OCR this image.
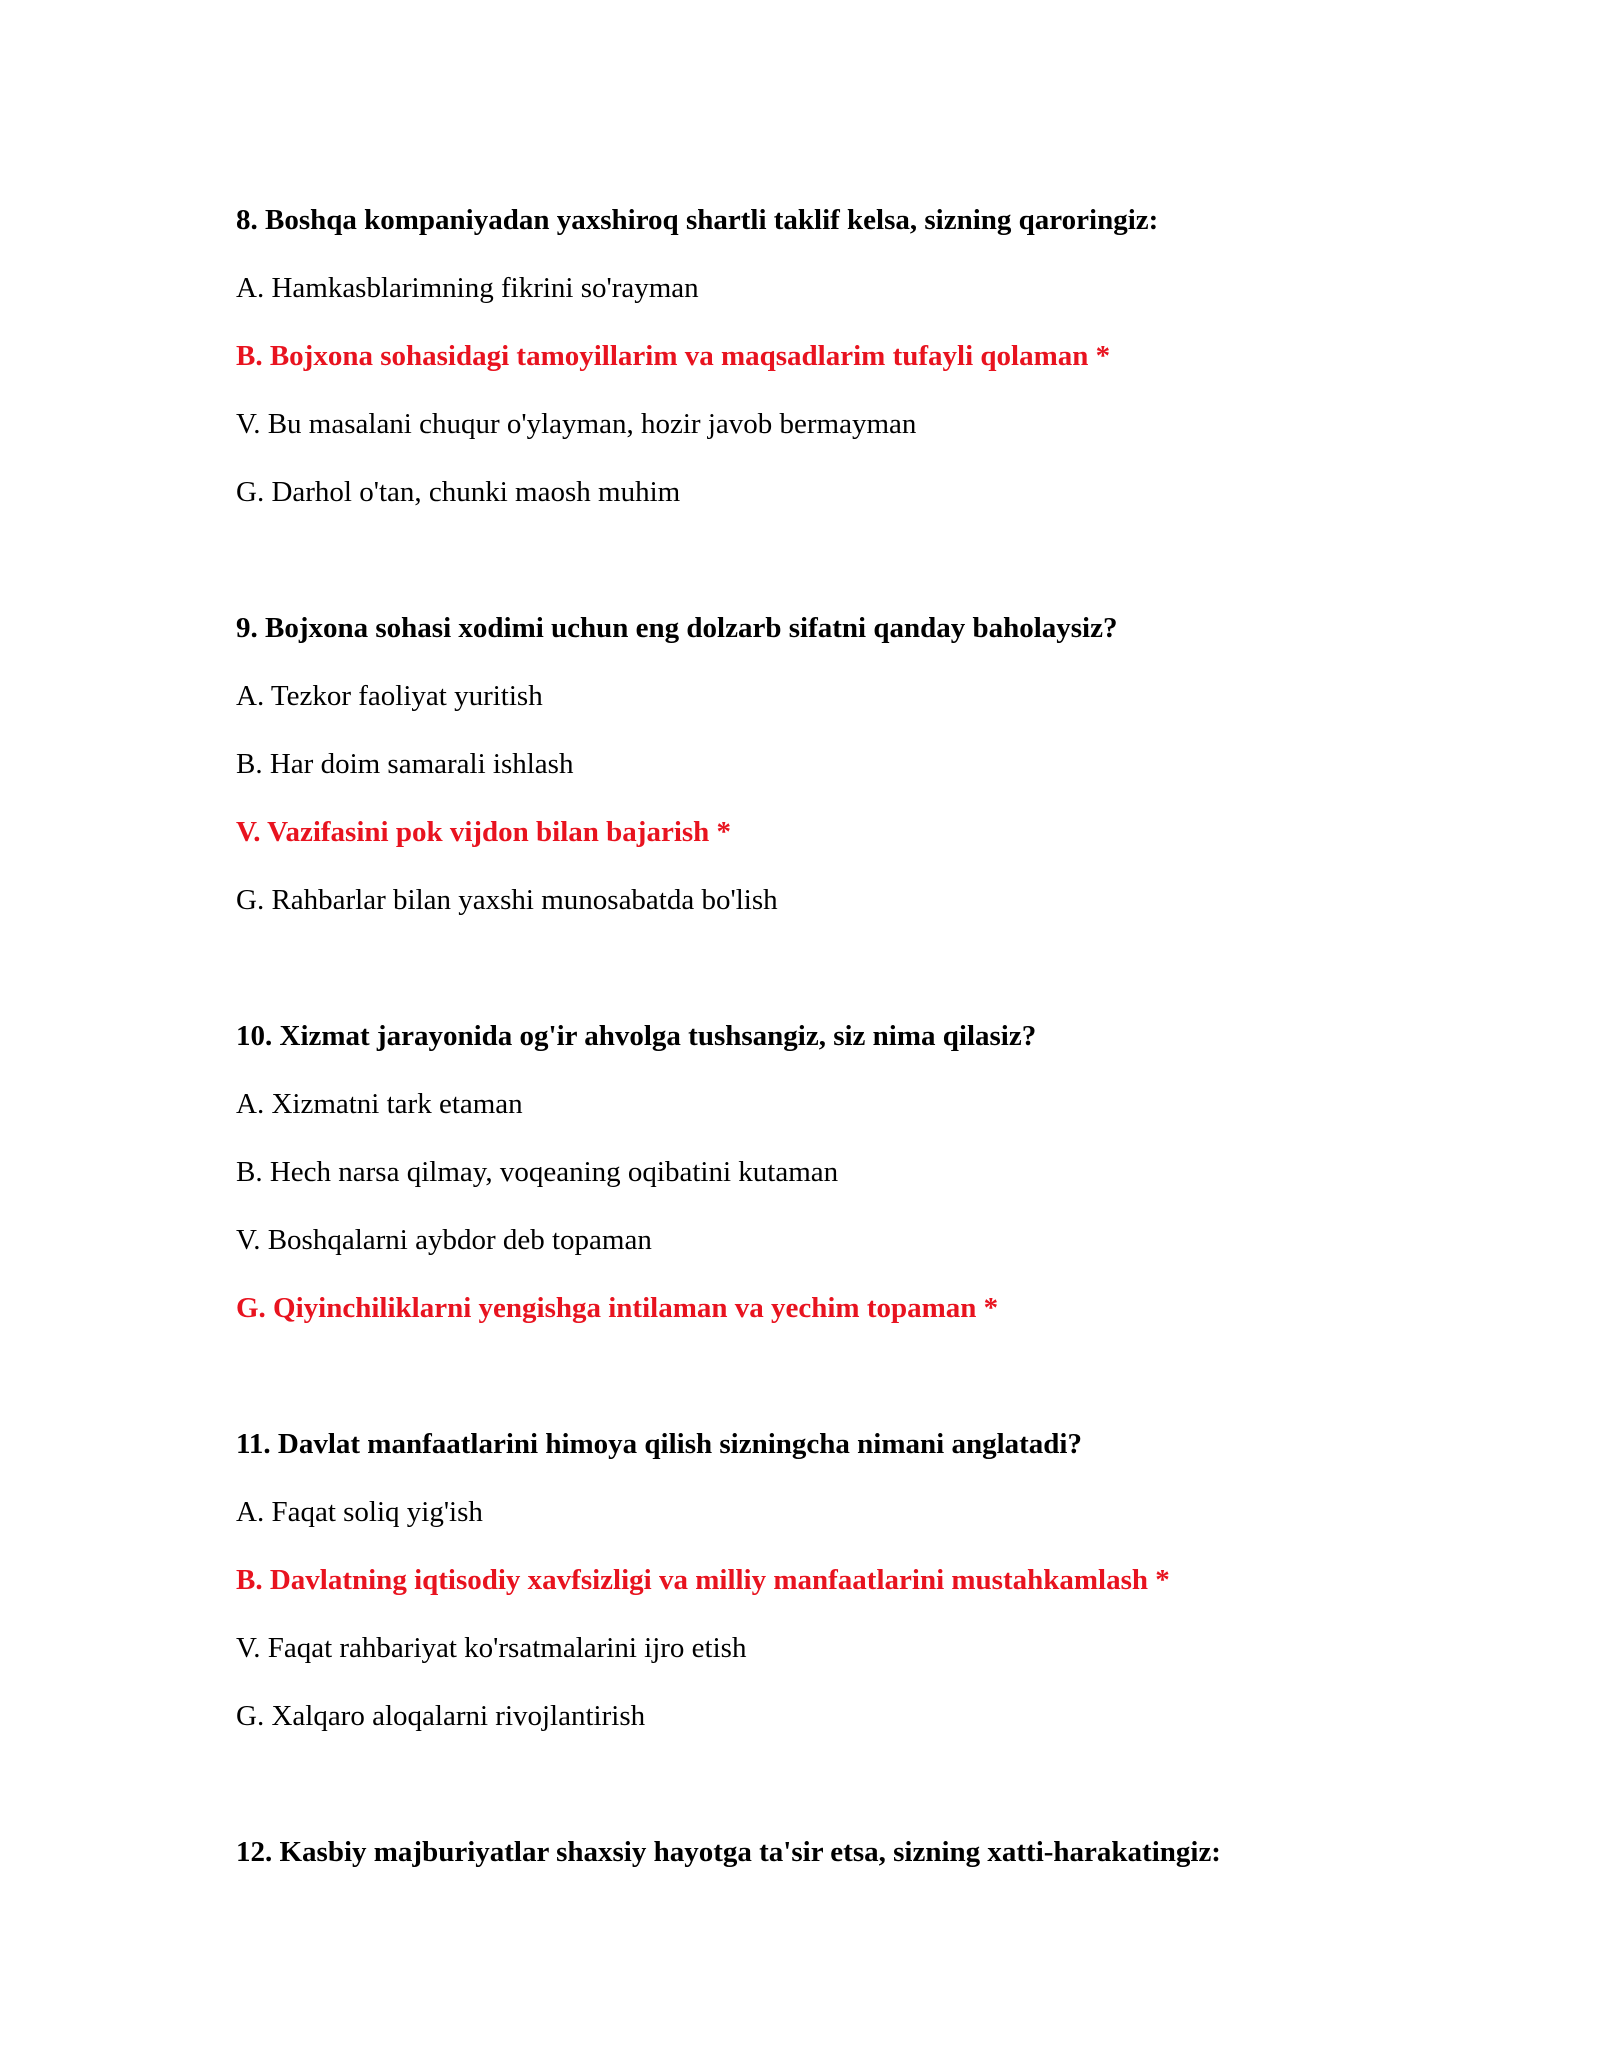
8. Boshqa kompaniyadan yaxshiroq shartli taklif kelsa, sizning qaroringiz:
A. Hamkasblarimning fikrini so'rayman
B. Bojxona sohasidagi tamoyillarim va maqsadlarim tufayli qolaman *
V. Bu masalani chuqur o'ylayman, hozir javob bermayman
G. Darhol o'tan, chunki maosh muhim
9. Bojxona sohasi xodimi uchun eng dolzarb sifatni qanday baholaysiz?
A. Tezkor faoliyat yuritish
B. Har doim samarali ishlash
V. Vazifasini pok vijdon bilan bajarish *
G. Rahbarlar bilan yaxshi munosabatda bo'lish
10. Xizmat jarayonida og'ir ahvolga tushsangiz, siz nima qilasiz?
A. Xizmatni tark etaman
B. Hech narsa qilmay, voqeaning oqibatini kutaman
V. Boshqalarni aybdor deb topaman
G. Qiyinchiliklarni yengishga intilaman va yechim topaman *
11. Davlat manfaatlarini himoya qilish sizningcha nimani anglatadi?
A. Faqat soliq yig'ish
B. Davlatning iqtisodiy xavfsizligi va milliy manfaatlarini mustahkamlash *
V. Faqat rahbariyat ko'rsatmalarini ijro etish
G. Xalqaro aloqalarni rivojlantirish
12. Kasbiy majburiyatlar shaxsiy hayotga ta'sir etsa, sizning xatti-harakatingiz:
